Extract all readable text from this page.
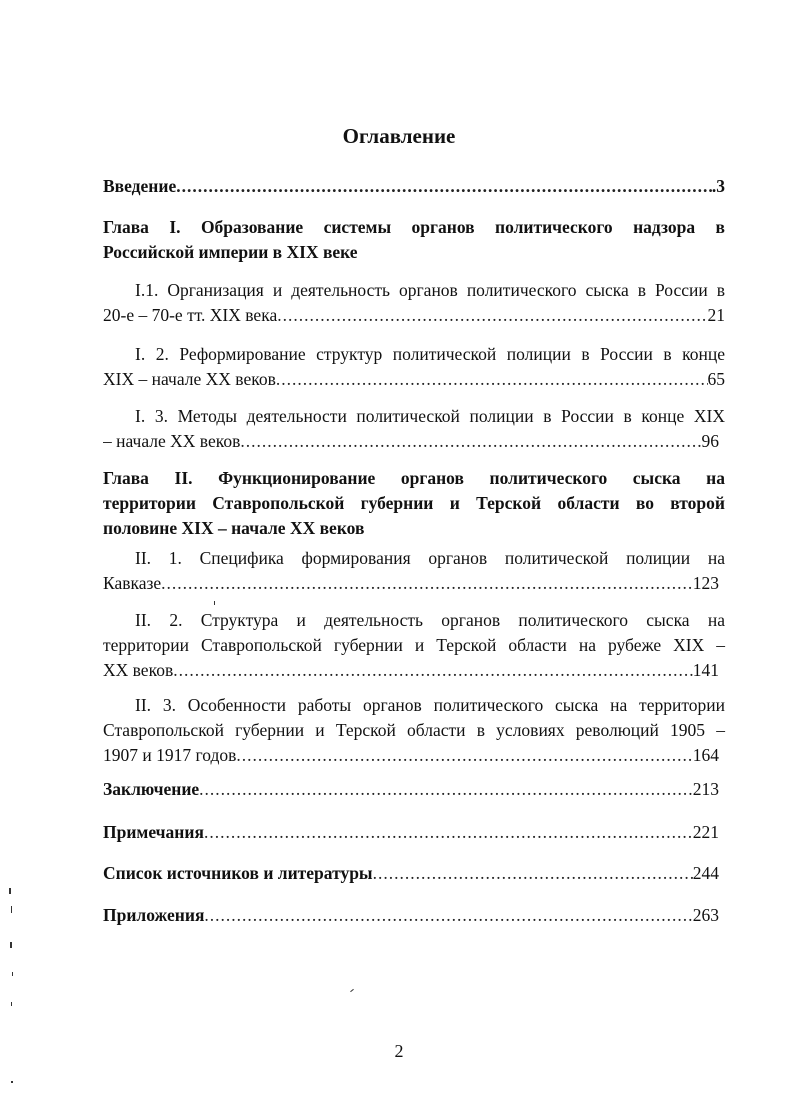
Оглавление
Введение .....	.3
Глава I. Образование системы органов политического надзора в
Российской империи в XIX веке
I.1. Организация и деятельность органов политического сыска в России в
20-е – 70-е тт. XIX века .....	21
I. 2. Реформирование структур политической полиции в России в конце
XIX – начале XX веков .....	65
I. 3. Методы деятельности политической полиции в России в конце XIX
– начале XX веков .....	96
Глава II. Функционирование органов политического сыска на
территории Ставропольской губернии и Терской области во второй
половине XIX – начале XX веков
II. 1. Специфика формирования органов политической полиции на
Кавказе .....	123
II. 2. Структура и деятельность органов политического сыска на
территории Ставропольской губернии и Терской области на рубеже XIX –
XX веков .....	141
II. 3. Особенности работы органов политического сыска на территории
Ставропольской губернии и Терской области в условиях революций 1905 –
1907 и 1917 годов .....	164
Заключение .....	213
Примечания .....	221
Список источников и литературы .....	244
Приложения .....	263
2
